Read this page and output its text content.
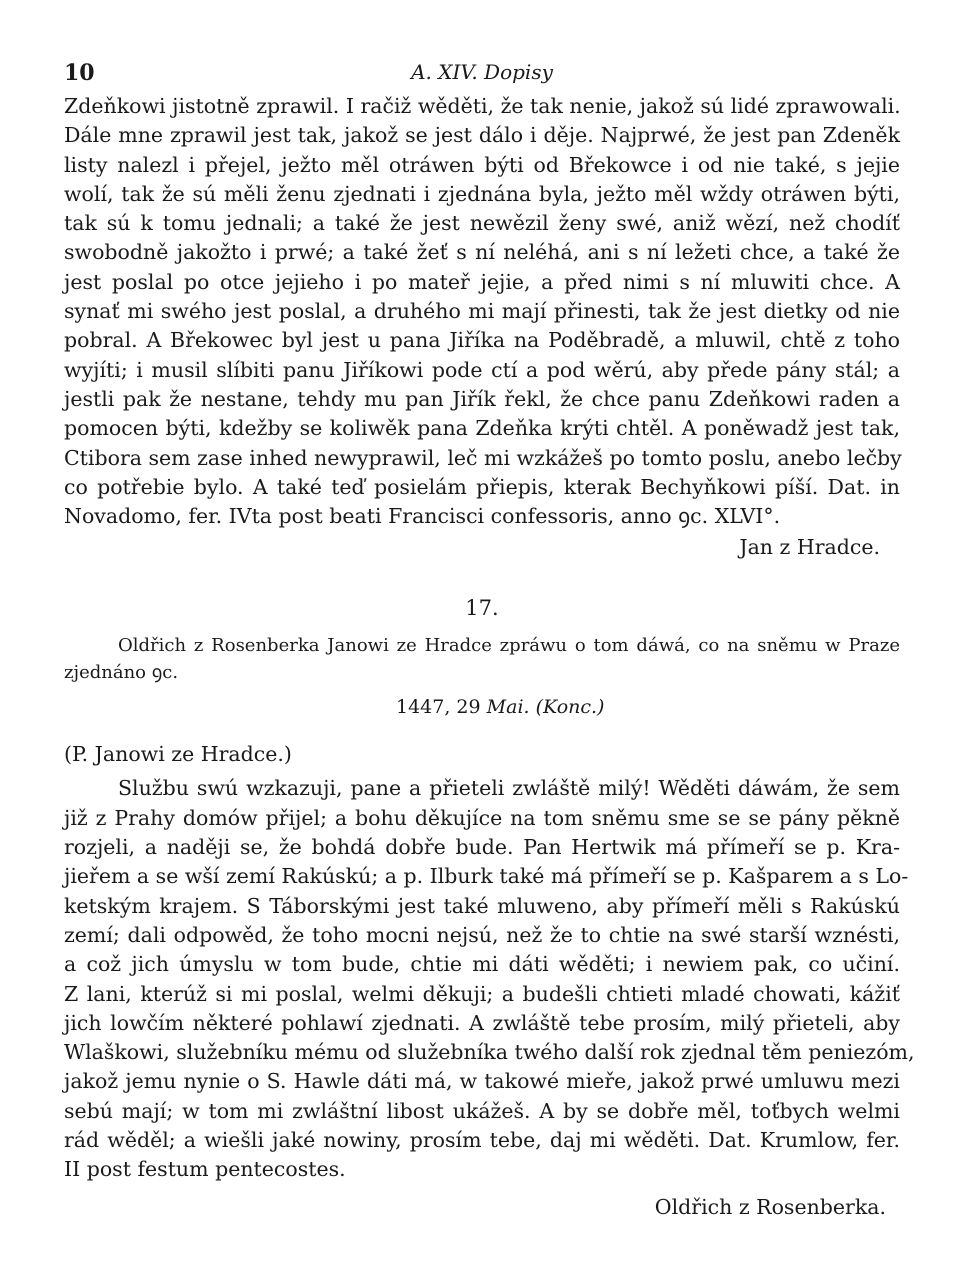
10	A. XIV. Dopisy
Zdeňkowi jistotně zprawil. I račiž wěděti, že tak nenie, jakož sú lidé zprawowali.
Dále mne zprawil jest tak, jakož se jest dálo i děje. Najprwé, že jest pan Zdeněk
listy nalezl i přejel, ježto měl otráwen býti od Břekowce i od nie také, s jejie
wolí, tak že sú měli ženu zjednati i zjednána byla, ježto měl wždy otráwen býti,
tak sú k tomu jednali; a také že jest newězil ženy swé, aniž wězí, než chodíť
swobodně jakožto i prwé; a také žeť s ní neléhá, ani s ní ležeti chce, a také že
jest poslal po otce jejieho i po mateř jejie, a před nimi s ní mluwiti chce. A
synať mi swého jest poslal, a druhého mi mají přinesti, tak že jest dietky od nie
pobral. A Břekowec byl jest u pana Jiříka na Poděbradě, a mluwil, chtě z toho
wyjíti; i musil slíbiti panu Jiříkowi pode ctí a pod wěrú, aby přede pány stál; a
jestli pak že nestane, tehdy mu pan Jiřík řekl, že chce panu Zdeňkowi raden a
pomocen býti, kdežby se koliwěk pana Zdeňka krýti chtěl. A poněwadž jest tak,
Ctibora sem zase inhed newyprawil, leč mi wzkážeš po tomto poslu, anebo lečby
co potřebie bylo. A také teď posielám přiepis, kterak Bechyňkowi píší. Dat. in
Novadomo, fer. IVta post beati Francisci confessoris, anno ꝯc. XLVI°.

Jan z Hradce.

17.

Oldřich z Rosenberka Janowi ze Hradce zpráwu o tom dáwá, co na sněmu w Praze
zjednáno ꝯc.

1447, 29 Mai. (Konc.)

(P. Janowi ze Hradce.)

Službu swú wzkazuji, pane a přieteli zwláště milý! Wěděti dáwám, že sem
již z Prahy domów přijel; a bohu děkujíce na tom sněmu sme se se pány pěkně
rozjeli, a naději se, že bohdá dobře bude. Pan Hertwik má přímeří se p. Kra-
jieřem a se wší zemí Rakúskú; a p. Ilburk také má přímeří se p. Kašparem a s Lo-
ketským krajem. S Táborskými jest také mluweno, aby přímeří měli s Rakúskú
zemí; dali odpowěd, že toho mocni nejsú, než že to chtie na swé starší wznésti,
a což jich úmyslu w tom bude, chtie mi dáti wěděti; i newiem pak, co učiní.
Z lani, kterúž si mi poslal, welmi děkuji; a budešli chtieti mladé chowati, kážiť
jich lowčím některé pohlawí zjednati. A zwláště tebe prosím, milý přieteli, aby
Wlaškowi, služebníku mému od služebníka twého další rok zjednal těm peniezóm,
jakož jemu nynie o S. Hawle dáti má, w takowé mieře, jakož prwé umluwu mezi
sebú mají; w tom mi zwláštní libost ukážeš. A by se dobře měl, toťbych welmi
rád wěděl; a wiešli jaké nowiny, prosím tebe, daj mi wěděti. Dat. Krumlow, fer.
II post festum pentecostes.

Oldřich z Rosenberka.
